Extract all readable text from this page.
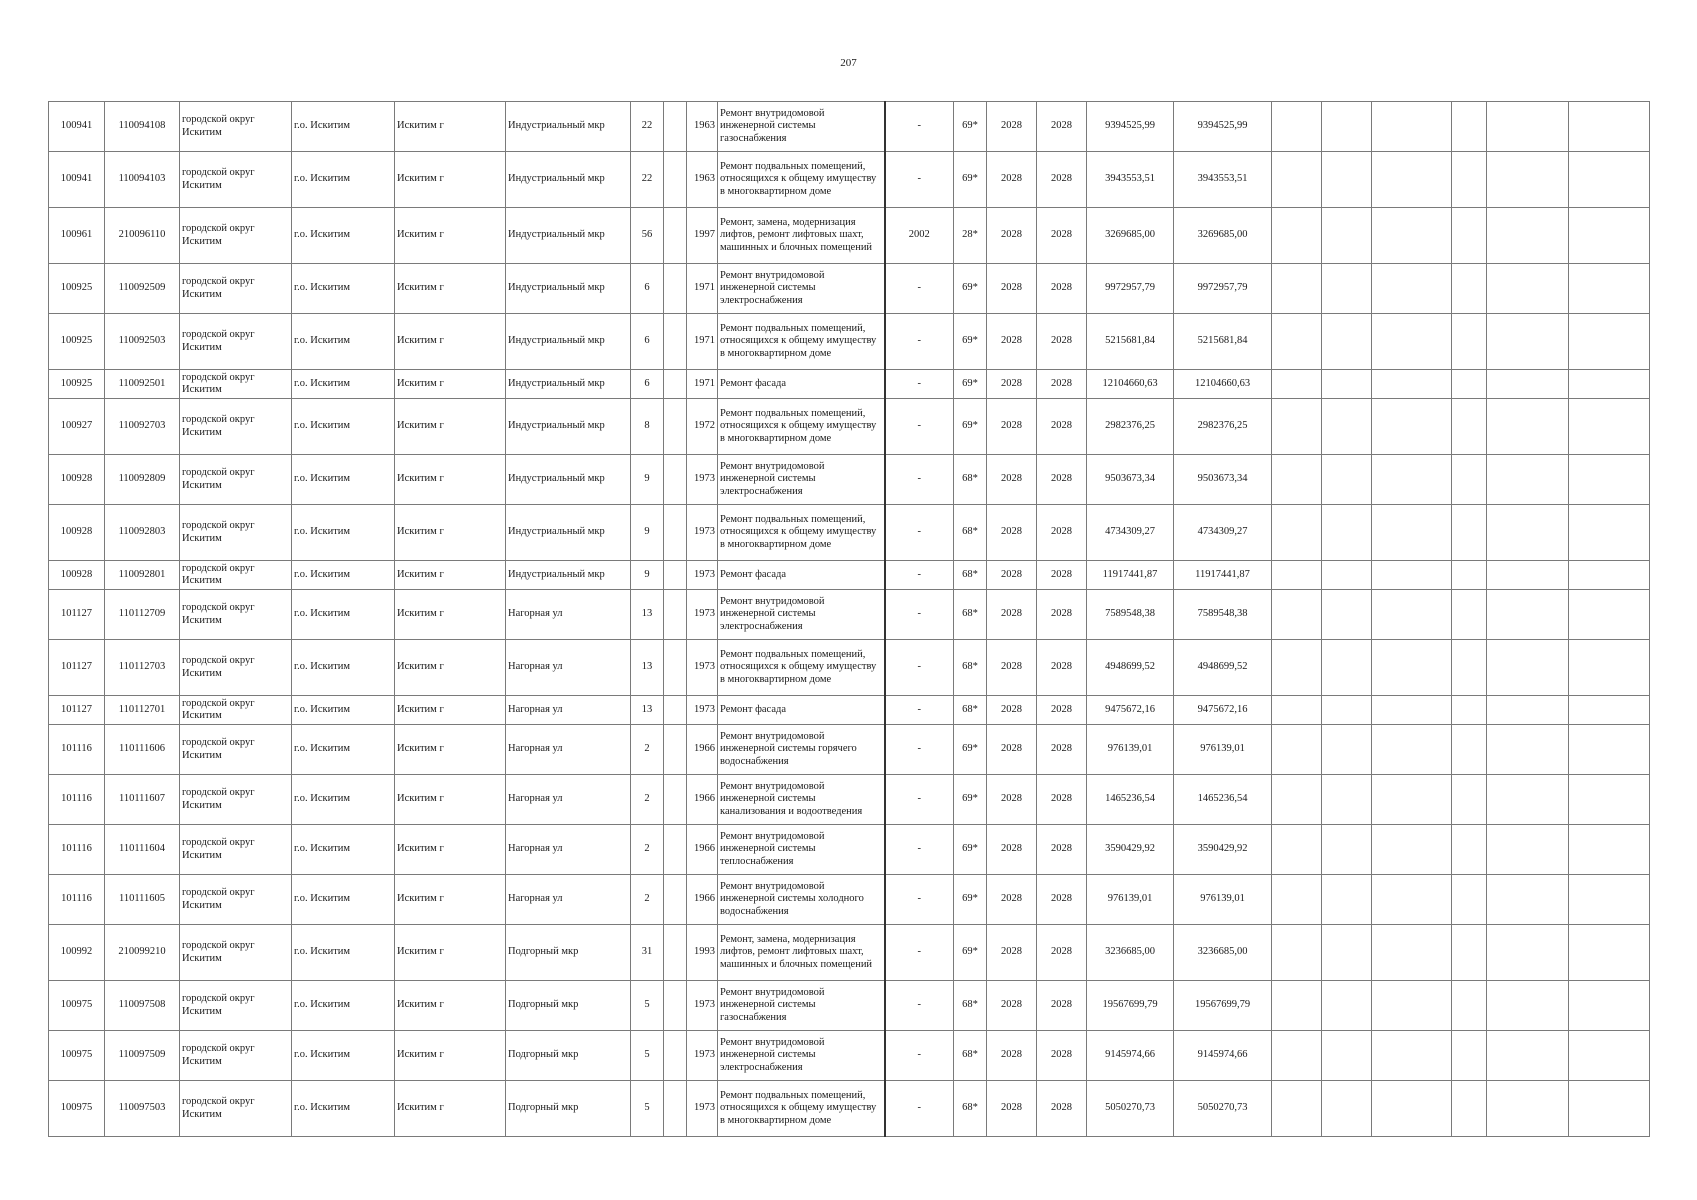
207
100941	110094108	городской округ Искитим	г.о. Искитим	Искитим г	Индустриальный мкр	22		1963	Ремонт внутридомовой инженерной системы газоснабжения	-	69*	2028	2028	9394525,99	9394525,99						
100941	110094103	городской округ Искитим	г.о. Искитим	Искитим г	Индустриальный мкр	22		1963	Ремонт подвальных помещений, относящихся к общему имуществу в многоквартирном доме	-	69*	2028	2028	3943553,51	3943553,51						
100961	210096110	городской округ Искитим	г.о. Искитим	Искитим г	Индустриальный мкр	56		1997	Ремонт, замена, модернизация лифтов, ремонт лифтовых шахт, машинных и блочных помещений	2002	28*	2028	2028	3269685,00	3269685,00						
100925	110092509	городской округ Искитим	г.о. Искитим	Искитим г	Индустриальный мкр	6		1971	Ремонт внутридомовой инженерной системы электроснабжения	-	69*	2028	2028	9972957,79	9972957,79						
100925	110092503	городской округ Искитим	г.о. Искитим	Искитим г	Индустриальный мкр	6		1971	Ремонт подвальных помещений, относящихся к общему имуществу в многоквартирном доме	-	69*	2028	2028	5215681,84	5215681,84						
100925	110092501	городской округ Искитим	г.о. Искитим	Искитим г	Индустриальный мкр	6		1971	Ремонт фасада	-	69*	2028	2028	12104660,63	12104660,63						
100927	110092703	городской округ Искитим	г.о. Искитим	Искитим г	Индустриальный мкр	8		1972	Ремонт подвальных помещений, относящихся к общему имуществу в многоквартирном доме	-	69*	2028	2028	2982376,25	2982376,25						
100928	110092809	городской округ Искитим	г.о. Искитим	Искитим г	Индустриальный мкр	9		1973	Ремонт внутридомовой инженерной системы электроснабжения	-	68*	2028	2028	9503673,34	9503673,34						
100928	110092803	городской округ Искитим	г.о. Искитим	Искитим г	Индустриальный мкр	9		1973	Ремонт подвальных помещений, относящихся к общему имуществу в многоквартирном доме	-	68*	2028	2028	4734309,27	4734309,27						
100928	110092801	городской округ Искитим	г.о. Искитим	Искитим г	Индустриальный мкр	9		1973	Ремонт фасада	-	68*	2028	2028	11917441,87	11917441,87						
101127	110112709	городской округ Искитим	г.о. Искитим	Искитим г	Нагорная ул	13		1973	Ремонт внутридомовой инженерной системы электроснабжения	-	68*	2028	2028	7589548,38	7589548,38						
101127	110112703	городской округ Искитим	г.о. Искитим	Искитим г	Нагорная ул	13		1973	Ремонт подвальных помещений, относящихся к общему имуществу в многоквартирном доме	-	68*	2028	2028	4948699,52	4948699,52						
101127	110112701	городской округ Искитим	г.о. Искитим	Искитим г	Нагорная ул	13		1973	Ремонт фасада	-	68*	2028	2028	9475672,16	9475672,16						
101116	110111606	городской округ Искитим	г.о. Искитим	Искитим г	Нагорная ул	2		1966	Ремонт внутридомовой инженерной системы горячего водоснабжения	-	69*	2028	2028	976139,01	976139,01						
101116	110111607	городской округ Искитим	г.о. Искитим	Искитим г	Нагорная ул	2		1966	Ремонт внутридомовой инженерной системы канализования и водоотведения	-	69*	2028	2028	1465236,54	1465236,54						
101116	110111604	городской округ Искитим	г.о. Искитим	Искитим г	Нагорная ул	2		1966	Ремонт внутридомовой инженерной системы теплоснабжения	-	69*	2028	2028	3590429,92	3590429,92						
101116	110111605	городской округ Искитим	г.о. Искитим	Искитим г	Нагорная ул	2		1966	Ремонт внутридомовой инженерной системы холодного водоснабжения	-	69*	2028	2028	976139,01	976139,01						
100992	210099210	городской округ Искитим	г.о. Искитим	Искитим г	Подгорный мкр	31		1993	Ремонт, замена, модернизация лифтов, ремонт лифтовых шахт, машинных и блочных помещений	-	69*	2028	2028	3236685,00	3236685,00						
100975	110097508	городской округ Искитим	г.о. Искитим	Искитим г	Подгорный мкр	5		1973	Ремонт внутридомовой инженерной системы газоснабжения	-	68*	2028	2028	19567699,79	19567699,79						
100975	110097509	городской округ Искитим	г.о. Искитим	Искитим г	Подгорный мкр	5		1973	Ремонт внутридомовой инженерной системы электроснабжения	-	68*	2028	2028	9145974,66	9145974,66						
100975	110097503	городской округ Искитим	г.о. Искитим	Искитим г	Подгорный мкр	5		1973	Ремонт подвальных помещений, относящихся к общему имуществу в многоквартирном доме	-	68*	2028	2028	5050270,73	5050270,73						
